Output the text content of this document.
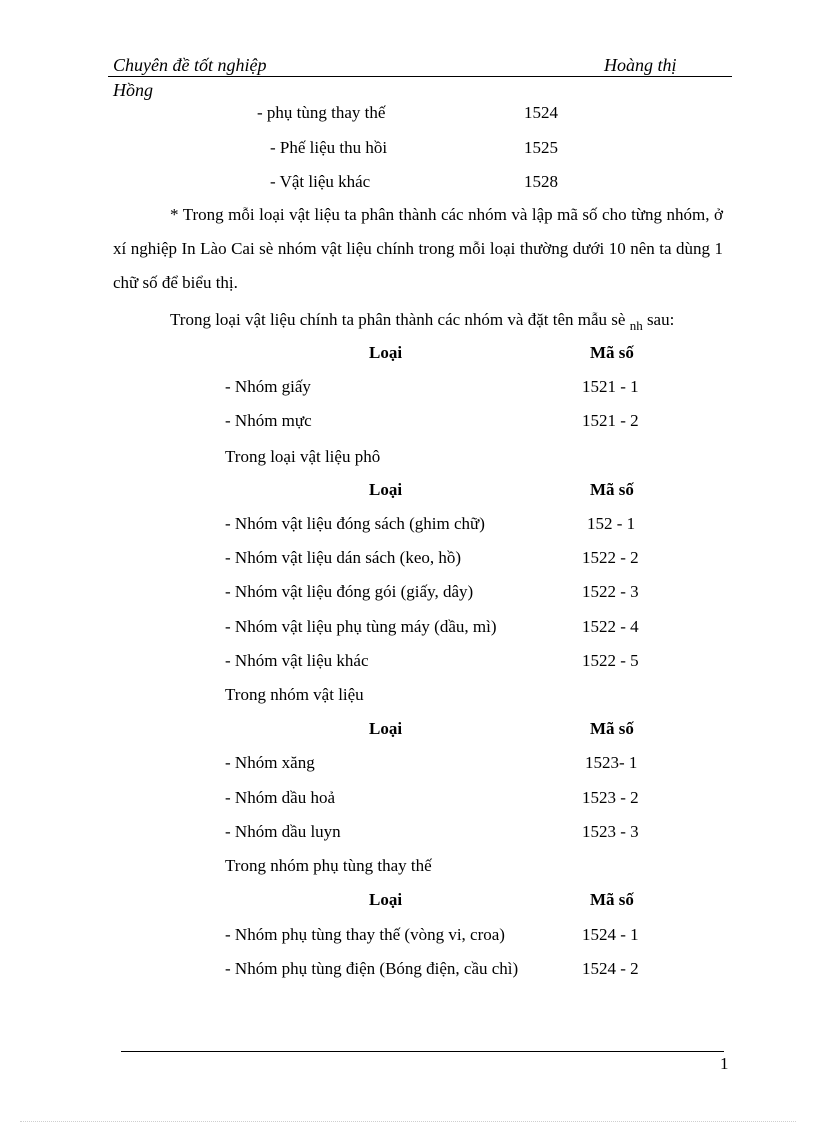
Chuyên đề tốt nghiệp	Hoàng thị
Hồng
- phụ tùng thay thế	1524
- Phế liệu thu hồi	1525
- Vật liệu khác	1528
* Trong mỗi loại vật liệu ta phân thành các nhóm và lập mã số cho từng nhóm, ở xí nghiệp In Lào Cai sè nhóm vật liệu chính trong mỗi loại thường dưới 10 nên ta dùng 1 chữ số để biểu thị.
Trong loại vật liệu chính ta phân thành các nhóm và đặt tên mẫu sè $_{nh}$ sau:
Loại	Mã số
- Nhóm giấy	1521 - 1
- Nhóm mực	1521 - 2
Trong loại vật liệu phô
Loại	Mã số
- Nhóm vật liệu đóng sách (ghim chữ)	152 - 1
- Nhóm vật liệu dán sách (keo, hồ)	1522 - 2
- Nhóm vật liệu đóng gói (giấy, dây)	1522 - 3
- Nhóm vật liệu phụ tùng máy (dầu, mì)	1522 - 4
- Nhóm vật liệu khác	1522 - 5
Trong nhóm vật liệu
Loại	Mã số
- Nhóm xăng	1523- 1
- Nhóm dầu hoả	1523 - 2
- Nhóm dầu luyn	1523 - 3
Trong nhóm phụ tùng thay thế
Loại	Mã số
- Nhóm phụ tùng thay thế (vòng vi, croa)	1524 - 1
- Nhóm phụ tùng điện (Bóng điện, cầu chì)	1524 - 2
1
